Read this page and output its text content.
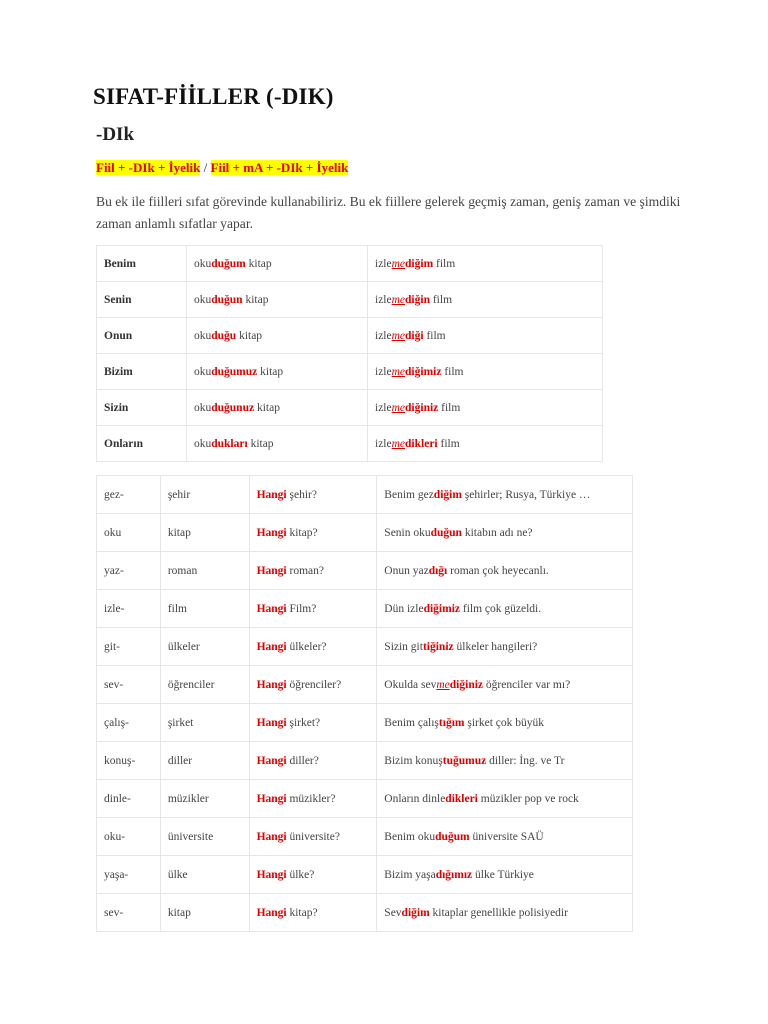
SIFAT-FİİLLER (-DIK)
-DIk
Fiil + -DIk + İyelik / Fiil + mA + -DIk + İyelik
Bu ek ile fiilleri sıfat görevinde kullanabiliriz. Bu ek fiillere gelerek geçmiş zaman, geniş zaman ve şimdiki zaman anlamlı sıfatlar yapar.
Benim	okuduğum kitap	izlemediğim film
Senin	okuduğun kitap	izlemediğin film
Onun	okuduğu kitap	izlemediği film
Bizim	okuduğumuz kitap	izlemediğimiz film
Sizin	okuduğunuz kitap	izlemediğiniz film
Onların	okudukları kitap	izlemedikleri film
gez-	şehir	Hangi şehir?	Benim gezdiğim şehirler; Rusya, Türkiye …
oku	kitap	Hangi kitap?	Senin okuduğun kitabın adı ne?
yaz-	roman	Hangi roman?	Onun yazdığı roman çok heyecanlı.
izle-	film	Hangi Film?	Dün izlediğimiz film çok güzeldi.
git-	ülkeler	Hangi ülkeler?	Sizin gittiğiniz ülkeler hangileri?
sev-	öğrenciler	Hangi öğrenciler?	Okulda sevmediğiniz öğrenciler var mı?
çalış-	şirket	Hangi şirket?	Benim çalıştığım şirket çok büyük
konuş-	diller	Hangi diller?	Bizim konuştuğumuz diller: İng. ve Tr
dinle-	müzikler	Hangi müzikler?	Onların dinledikleri müzikler pop ve rock
oku-	üniversite	Hangi üniversite?	Benim okuduğum üniversite SAÜ
yaşa-	ülke	Hangi ülke?	Bizim yaşadığımız ülke Türkiye
sev-	kitap	Hangi kitap?	Sevdiğim kitaplar genellikle polisiyedir
